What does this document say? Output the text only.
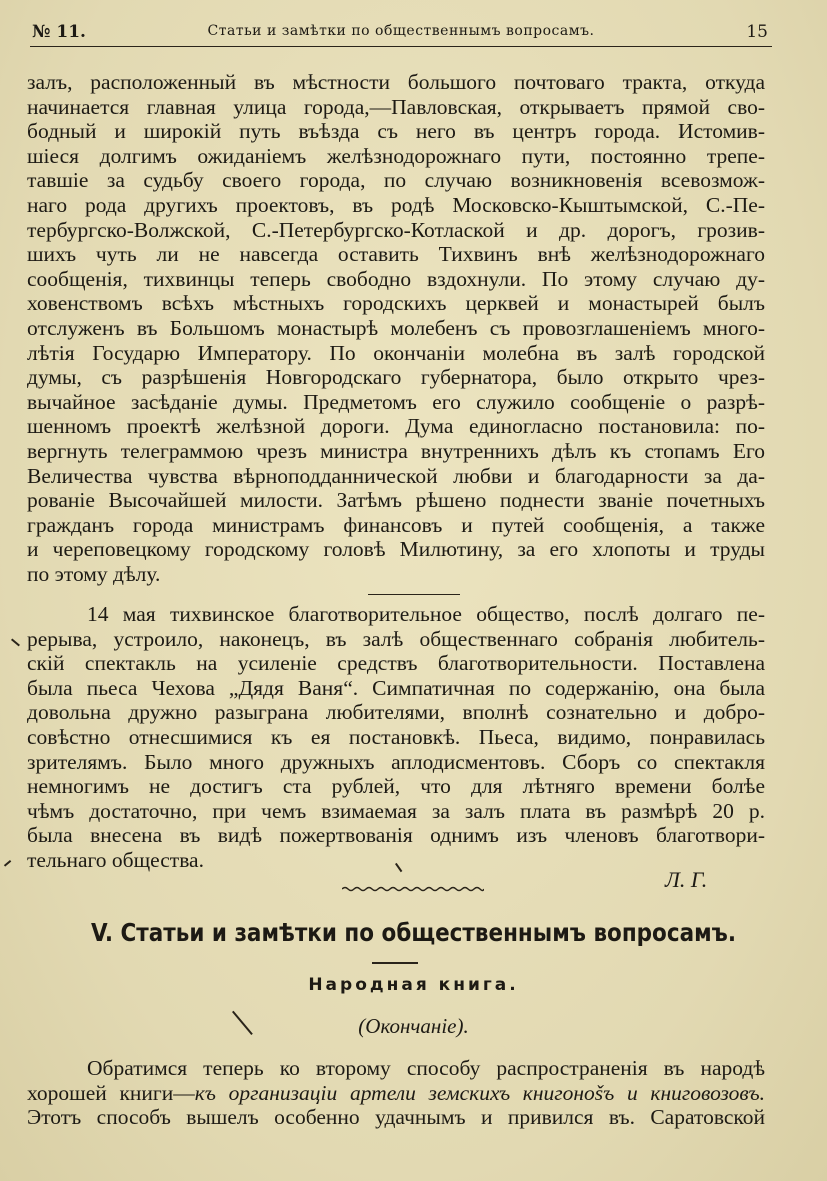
№ 11.	Статьи и замѣтки по общественнымъ вопросамъ.	15
залъ, расположенный въ мѣстности большого почтоваго тракта, откуда
начинается главная улица города,—Павловская, открываетъ прямой сво-
бодный и широкій путь въѣзда съ него въ центръ города. Истомив-
шіеся долгимъ ожиданіемъ желѣзнодорожнаго пути, постоянно трепе-
тавшіе за судьбу своего города, по случаю возникновенія всевозмож-
наго рода другихъ проектовъ, въ родѣ Московско-Кыштымской, С.-Пе-
тербургско-Волжской, С.-Петербургско-Котлаской и др. дорогъ, грозив-
шихъ чуть ли не навсегда оставить Тихвинъ внѣ желѣзнодорожнаго
сообщенія, тихвинцы теперь свободно вздохнули. По этому случаю ду-
ховенствомъ всѣхъ мѣстныхъ городскихъ церквей и монастырей былъ
отслуженъ въ Большомъ монастырѣ молебенъ съ провозглашеніемъ много-
лѣтія Государю Императору. По окончаніи молебна въ залѣ городской
думы, съ разрѣшенія Новгородскаго губернатора, было открыто чрез-
вычайное засѣданіе думы. Предметомъ его служило сообщеніе о разрѣ-
шенномъ проектѣ желѣзной дороги. Дума единогласно постановила: по-
вергнуть телеграммою чрезъ министра внутреннихъ дѣлъ къ стопамъ Его
Величества чувства вѣрноподданнической любви и благодарности за да-
рованіе Высочайшей милости. Затѣмъ рѣшено поднести званіе почетныхъ
гражданъ города министрамъ финансовъ и путей сообщенія, а также
и череповецкому городскому головѣ Милютину, за его хлопоты и труды
по этому дѣлу.
14 мая тихвинское благотворительное общество, послѣ долгаго пе-
рерыва, устроило, наконецъ, въ залѣ общественнаго собранія любитель-
скій спектакль на усиленіе средствъ благотворительности. Поставлена
была пьеса Чехова „Дядя Ваня“. Симпатичная по содержанію, она была
довольна дружно разыграна любителями, вполнѣ сознательно и добро-
совѣстно отнесшимися къ ея постановкѣ. Пьеса, видимо, понравилась
зрителямъ. Было много дружныхъ аплодисментовъ. Сборъ со спектакля
немногимъ не достигъ ста рублей, что для лѣтняго времени болѣе
чѣмъ достаточно, при чемъ взимаемая за залъ плата въ размѣрѣ 20 р.
была внесена въ видѣ пожертвованія однимъ изъ членовъ благотвори-
тельнаго общества.
Л. Г.
V. Статьи и замѣтки по общественнымъ вопросамъ.
Народная книга.
(Окончаніе).
Обратимся теперь ко второму способу распространенія въ народѣ
хорошей книги—къ организаціи артели земскихъ книгонošъ и книговозовъ.
Этотъ способъ вышелъ особенно удачнымъ и привился въ. Саратовской
